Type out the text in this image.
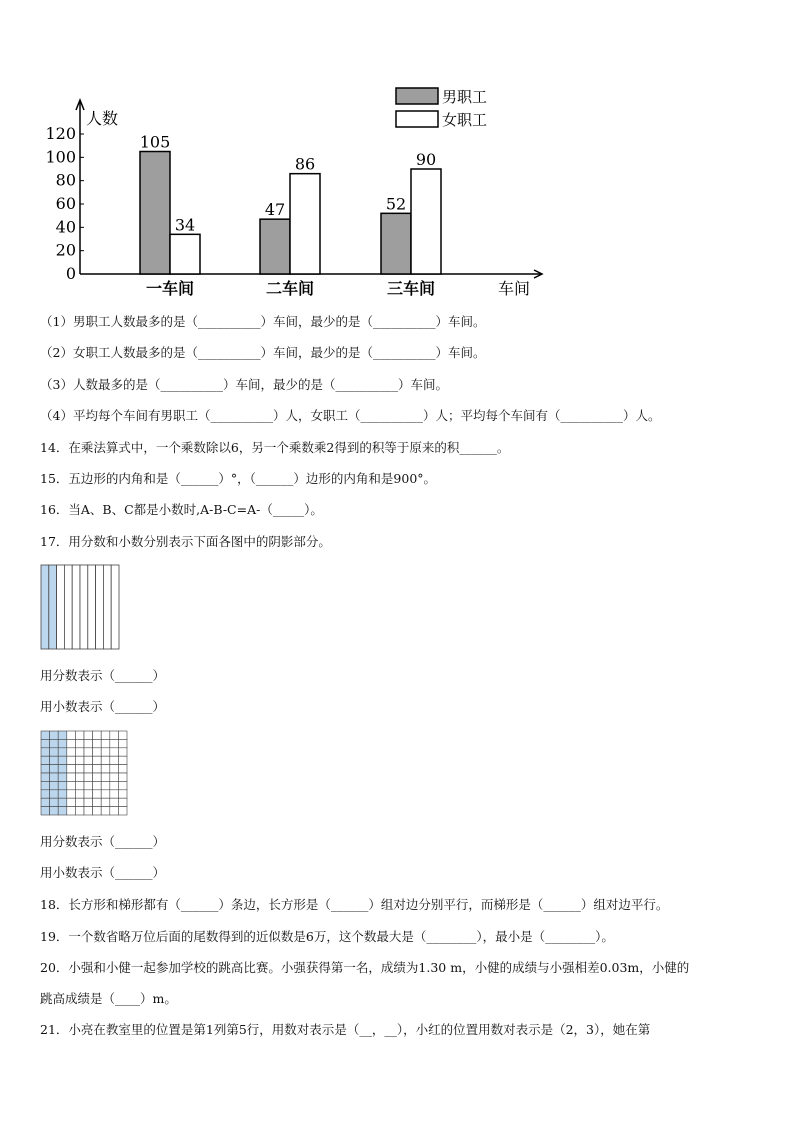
人数
车间
0
20
40
60
80
100
120	105
34
一车间
47
86
二车间
52
90
三车间
男职工
女职工
（1）男职工人数最多的是（__________）车间，最少的是（__________）车间。
（2）女职工人数最多的是（__________）车间，最少的是（__________）车间。
（3）人数最多的是（__________）车间，最少的是（__________）车间。
（4）平均每个车间有男职工（__________）人，女职工（__________）人；平均每个车间有（__________）人。
14．在乘法算式中，一个乘数除以6，另一个乘数乘2得到的积等于原来的积______。
15．五边形的内角和是（______）°，（______）边形的内角和是900°。
16．当A、B、C都是小数时,A-B-C=A-（_____）。
17．用分数和小数分别表示下面各图中的阴影部分。
用分数表示（______）
用小数表示（______）
用分数表示（______）
用小数表示（______）
18．长方形和梯形都有（______）条边，长方形是（______）组对边分别平行，而梯形是（______）组对边平行。
19．一个数省略万位后面的尾数得到的近似数是6万，这个数最大是（________），最小是（________）。
20．小强和小健一起参加学校的跳高比赛。小强获得第一名，成绩为1.30 m，小健的成绩与小强相差0.03m，小健的
跳高成绩是（____）m。
21．小亮在教室里的位置是第1列第5行，用数对表示是（__，__），小红的位置用数对表示是（2，3），她在第
